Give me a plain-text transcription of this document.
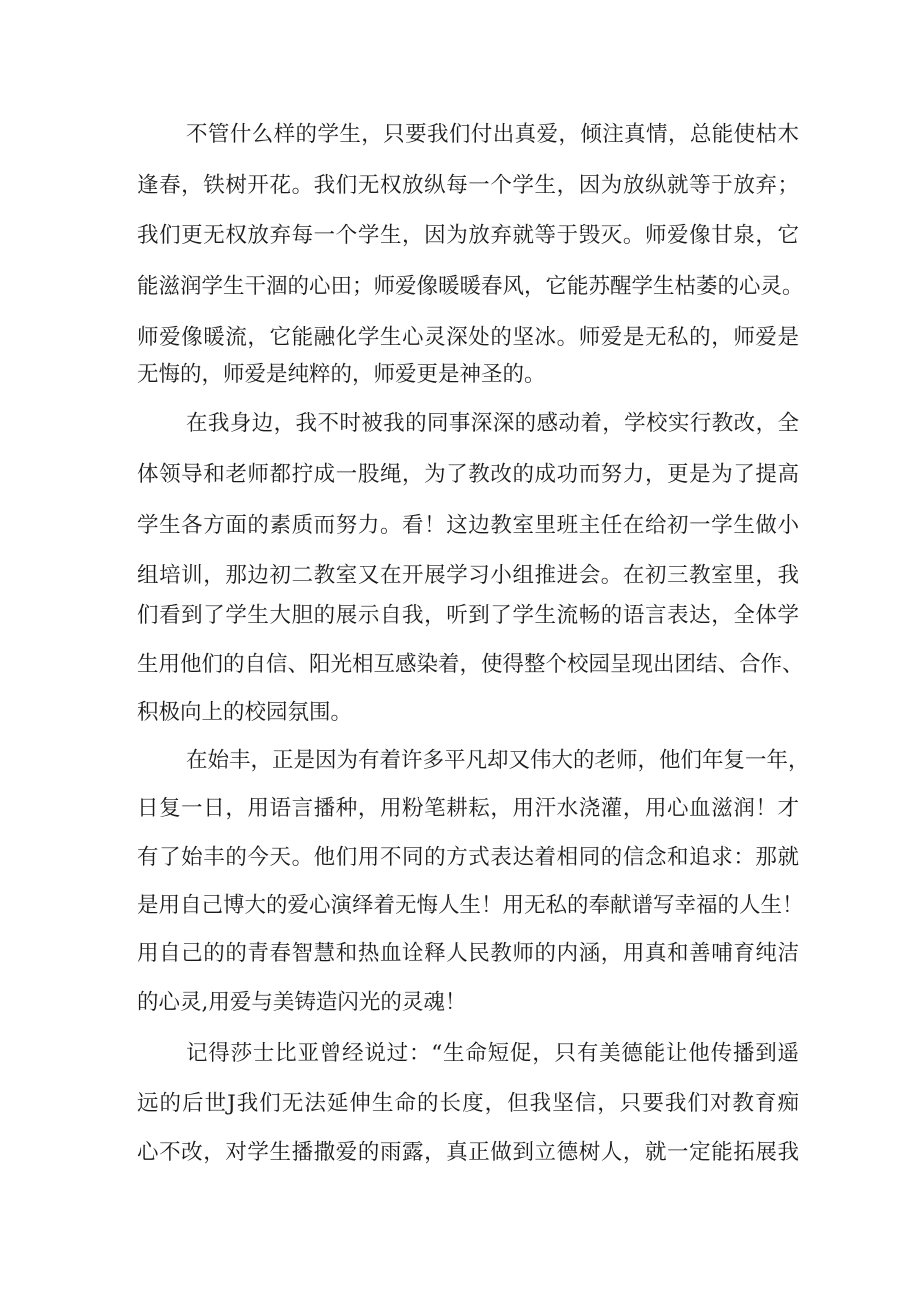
不管什么样的学生，只要我们付出真爱，倾注真情，总能使枯木
逢春，铁树开花。我们无权放纵每一个学生，因为放纵就等于放弃；
我们更无权放弃每一个学生，因为放弃就等于毁灭。师爱像甘泉，它
能滋润学生干涸的心田；师爱像暖暖春风，它能苏醒学生枯萎的心灵。
师爱像暖流，它能融化学生心灵深处的坚冰。师爱是无私的，师爱是
无悔的，师爱是纯粹的，师爱更是神圣的。
在我身边，我不时被我的同事深深的感动着，学校实行教改，全
体领导和老师都拧成一股绳，为了教改的成功而努力，更是为了提高
学生各方面的素质而努力。看！这边教室里班主任在给初一学生做小
组培训，那边初二教室又在开展学习小组推进会。在初三教室里，我
们看到了学生大胆的展示自我，听到了学生流畅的语言表达，全体学
生用他们的自信、阳光相互感染着，使得整个校园呈现出团结、合作、
积极向上的校园氛围。
在始丰，正是因为有着许多平凡却又伟大的老师，他们年复一年，
日复一日，用语言播种，用粉笔耕耘，用汗水浇灌，用心血滋润！才
有了始丰的今天。他们用不同的方式表达着相同的信念和追求：那就
是用自己博大的爱心演绎着无悔人生！用无私的奉献谱写幸福的人生！
用自己的的青春智慧和热血诠释人民教师的内涵，用真和善哺育纯洁
的心灵,用爱与美铸造闪光的灵魂！
记得莎士比亚曾经说过：“生命短促，只有美德能让他传播到遥
远的后世J我们无法延伸生命的长度，但我坚信，只要我们对教育痴
心不改，对学生播撒爱的雨露，真正做到立德树人，就一定能拓展我
